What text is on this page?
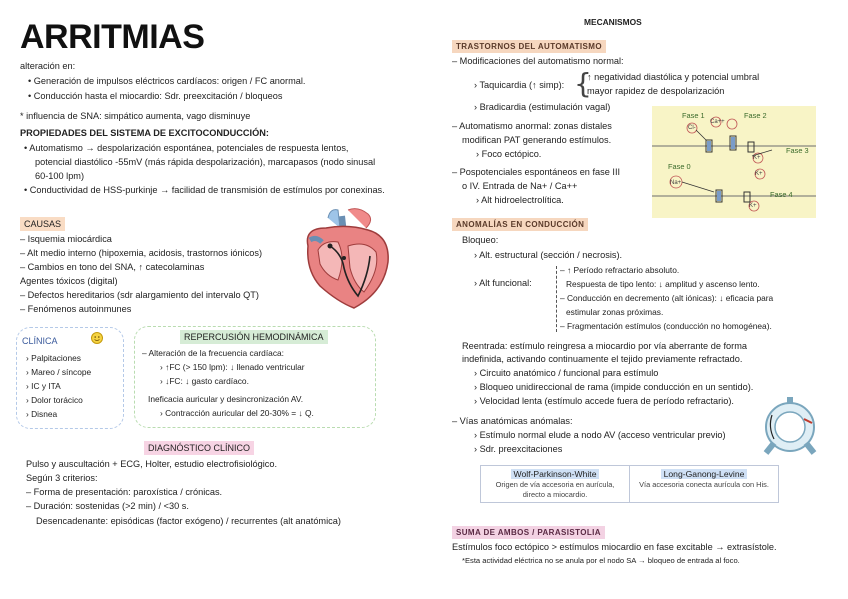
ARRITMIAS
alteración en:
• Generación de impulsos eléctricos cardíacos: origen / FC anormal.
• Conducción hasta el miocardio: Sdr. preexcitación / bloqueos
* influencia de SNA: simpático aumenta, vago disminuye
PROPIEDADES DEL SISTEMA DE EXCITOCONDUCCIÓN:
• Automatismo → despolarización espontánea, potenciales de respuesta lentos,
potencial diastólico -55mV (más rápida despolarización), marcapasos (nodo sinusal
60-100 lpm)
• Conductividad de HSS-purkinje → facilidad de transmisión de estímulos por conexinas.
CAUSAS
– Isquemia miocárdica
– Alt medio interno (hipoxemia, acidosis, trastornos iónicos)
– Cambios en tono del SNA, ↑ catecolaminas
Agentes tóxicos (digital)
– Defectos hereditarios (sdr alargamiento del intervalo QT)
– Fenómenos autoinmunes
CLÍNICA
› Palpitaciones
› Mareo / síncope
› IC y ITA
› Dolor torácico
› Disnea
REPERCUSIÓN HEMODINÁMICA
– Alteración de la frecuencia cardíaca:
› ↑FC (> 150 lpm): ↓ llenado ventricular
› ↓FC: ↓ gasto cardíaco.
Ineficacia auricular y desincronización AV.
› Contracción auricular del 20-30% = ↓ Q.
DIAGNÓSTICO CLÍNICO
Pulso y auscultación + ECG, Holter, estudio electrofisiológico.
Según 3 criterios:
– Forma de presentación: paroxística / crónicas.
– Duración: sostenidas (>2 min) / <30 s.
Desencadenante: episódicas (factor exógeno) / recurrentes (alt anatómica)
MECANISMOS
TRASTORNOS DEL AUTOMATISMO
– Modificaciones del automatismo normal:
› Taquicardia (↑ simp): {
↑ negatividad diastólica y potencial umbral
mayor rapidez de despolarización
› Bradicardia (estimulación vagal)
– Automatismo anormal: zonas distales
modifican PAT generando estímulos.
› Foco ectópico.
– Pospotenciales espontáneos en fase III
o IV. Entrada de Na+ / Ca++
› Alt hidroelectrolítica.
Fase 1	Fase 2
Fase 3
Fase 0
Fase 4
Na+
Ca++
K+
K+
K+
Cl-
ANOMALÍAS EN CONDUCCIÓN
Bloqueo:
› Alt. estructural (sección / necrosis).
› Alt funcional:
– ↑ Período refractario absoluto.
Respuesta de tipo lento: ↓ amplitud y ascenso lento.
– Conducción en decremento (alt iónicas): ↓ eficacia para
estimular zonas próximas.
– Fragmentación estímulos (conducción no homogénea).
Reentrada: estímulo reingresa a miocardio por vía aberrante de forma
indefinida, activando continuamente el tejido previamente refractado.
› Circuito anatómico / funcional para estímulo
› Bloqueo unidireccional de rama (impide conducción en un sentido).
› Velocidad lenta (estímulo accede fuera de período refractario).
– Vías anatómicas anómalas:
› Estímulo normal elude a nodo AV (acceso ventricular previo)
› Sdr. preexcitaciones
Wolf-Parkinson-White
Origen de vía accesoria en aurícula, directo a miocardio.

Long-Ganong-Levine
Vía accesoria conecta aurícula con His.
SUMA DE AMBOS / PARASISTOLIA
Estímulos foco ectópico > estímulos miocardio en fase excitable → extrasístole.
*Esta actividad eléctrica no se anula por el nodo SA → bloqueo de entrada al foco.
